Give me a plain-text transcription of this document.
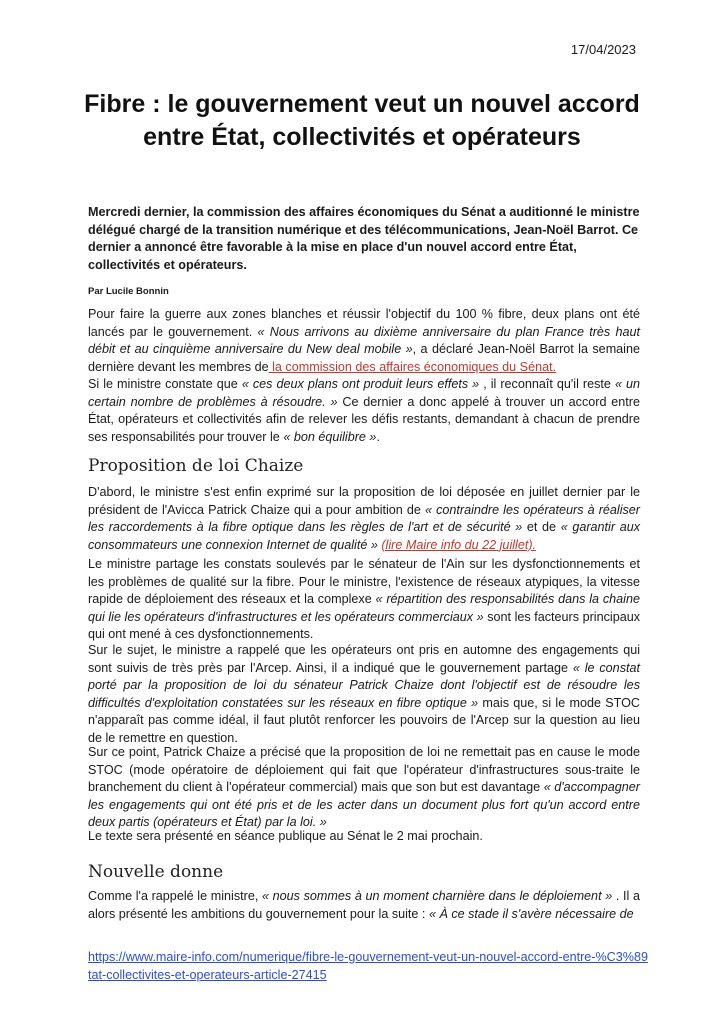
17/04/2023
Fibre : le gouvernement veut un nouvel accord entre État, collectivités et opérateurs

Mercredi dernier, la commission des affaires économiques du Sénat a auditionné le ministre délégué chargé de la transition numérique et des télécommunications, Jean-Noël Barrot. Ce dernier a annoncé être favorable à la mise en place d'un nouvel accord entre État, collectivités et opérateurs.

Par Lucile Bonnin

Pour faire la guerre aux zones blanches et réussir l'objectif du 100 % fibre, deux plans ont été lancés par le gouvernement. « Nous arrivons au dixième anniversaire du plan France très haut débit et au cinquième anniversaire du New deal mobile », a déclaré Jean-Noël Barrot la semaine dernière devant les membres de la commission des affaires économiques du Sénat.

Si le ministre constate que « ces deux plans ont produit leurs effets » , il reconnaît qu'il reste « un certain nombre de problèmes à résoudre. » Ce dernier a donc appelé à trouver un accord entre État, opérateurs et collectivités afin de relever les défis restants, demandant à chacun de prendre ses responsabilités pour trouver le « bon équilibre ».

Proposition de loi Chaize

D'abord, le ministre s'est enfin exprimé sur la proposition de loi déposée en juillet dernier par le président de l'Avicca Patrick Chaize qui a pour ambition de « contraindre les opérateurs à réaliser les raccordements à la fibre optique dans les règles de l'art et de sécurité » et de « garantir aux consommateurs une connexion Internet de qualité » (lire Maire info du 22 juillet).

Le ministre partage les constats soulevés par le sénateur de l'Ain sur les dysfonctionnements et les problèmes de qualité sur la fibre. Pour le ministre, l'existence de réseaux atypiques, la vitesse rapide de déploiement des réseaux et la complexe « répartition des responsabilités dans la chaine qui lie les opérateurs d'infrastructures et les opérateurs commerciaux » sont les facteurs principaux qui ont mené à ces dysfonctionnements.

Sur le sujet, le ministre a rappelé que les opérateurs ont pris en automne des engagements qui sont suivis de très près par l'Arcep. Ainsi, il a indiqué que le gouvernement partage « le constat porté par la proposition de loi du sénateur Patrick Chaize dont l'objectif est de résoudre les difficultés d'exploitation constatées sur les réseaux en fibre optique » mais que, si le mode STOC n'apparaît pas comme idéal, il faut plutôt renforcer les pouvoirs de l'Arcep sur la question au lieu de le remettre en question.

Sur ce point, Patrick Chaize a précisé que la proposition de loi ne remettait pas en cause le mode STOC (mode opératoire de déploiement qui fait que l'opérateur d'infrastructures sous-traite le branchement du client à l'opérateur commercial) mais que son but est davantage « d'accompagner les engagements qui ont été pris et de les acter dans un document plus fort qu'un accord entre deux partis (opérateurs et État) par la loi. »

Le texte sera présenté en séance publique au Sénat le 2 mai prochain.

Nouvelle donne

Comme l'a rappelé le ministre, « nous sommes à un moment charnière dans le déploiement » . Il a alors présenté les ambitions du gouvernement pour la suite : « À ce stade il s'avère nécessaire de

https://www.maire-info.com/numerique/fibre-le-gouvernement-veut-un-nouvel-accord-entre-%C3%89tat-collectivites-et-operateurs-article-27415
